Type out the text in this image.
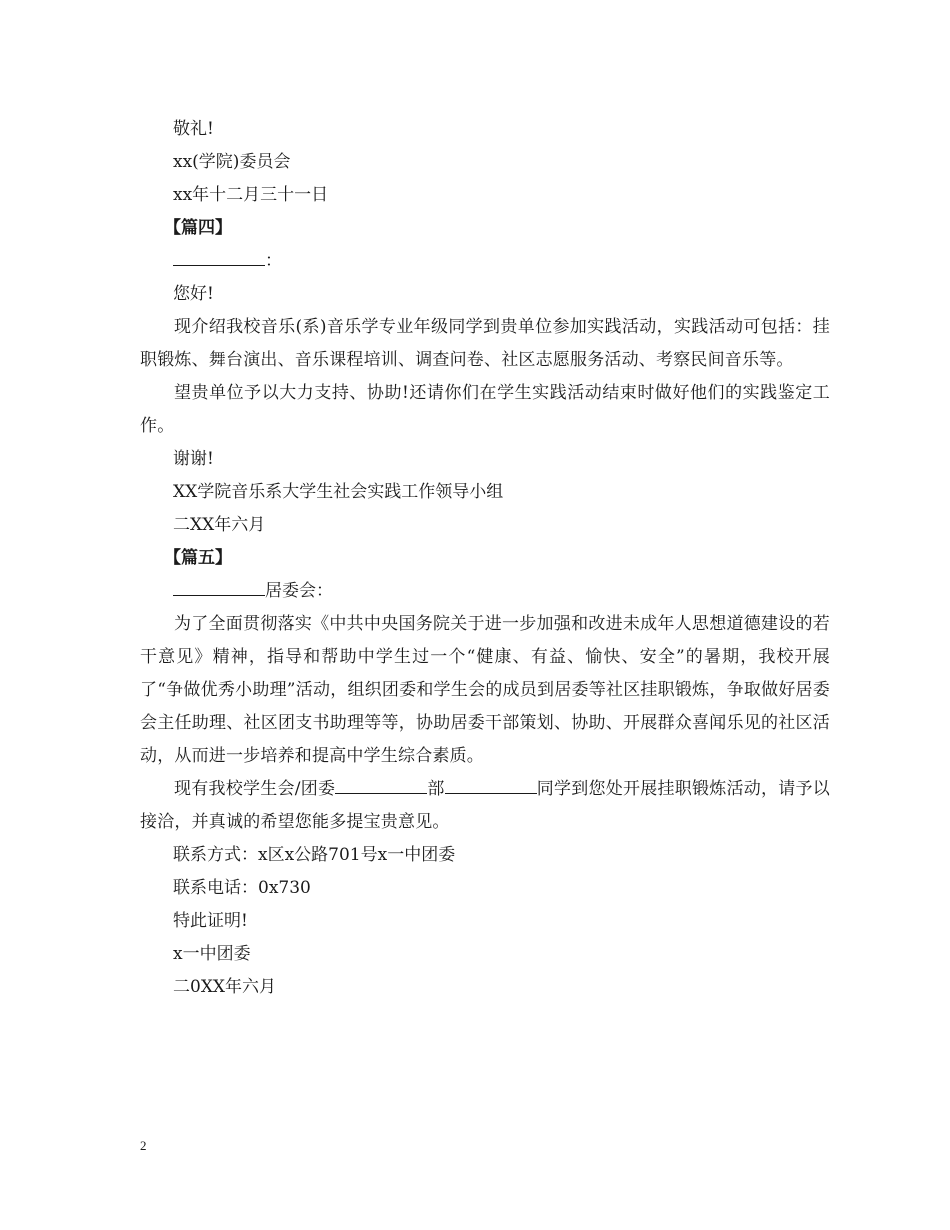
敬礼!

xx(学院)委员会

xx年十二月三十一日

【篇四】

：

您好!

现介绍我校音乐(系)音乐学专业年级同学到贵单位参加实践活动，实践活动可包括：挂职锻炼、舞台演出、音乐课程培训、调查问卷、社区志愿服务活动、考察民间音乐等。

望贵单位予以大力支持、协助!还请你们在学生实践活动结束时做好他们的实践鉴定工作。

谢谢!

XX学院音乐系大学生社会实践工作领导小组

二XX年六月

【篇五】

居委会：

为了全面贯彻落实《中共中央国务院关于进一步加强和改进未成年人思想道德建设的若干意见》精神，指导和帮助中学生过一个“健康、有益、愉快、安全”的暑期，我校开展了“争做优秀小助理”活动，组织团委和学生会的成员到居委等社区挂职锻炼，争取做好居委会主任助理、社区团支书助理等等，协助居委干部策划、协助、开展群众喜闻乐见的社区活动，从而进一步培养和提高中学生综合素质。

现有我校学生会/团委	部	同学到您处开展挂职锻炼活动，请予以接洽，并真诚的希望您能多提宝贵意见。

联系方式：x区x公路701号x一中团委

联系电话：0x730

特此证明!

x一中团委

二0XX年六月

2
